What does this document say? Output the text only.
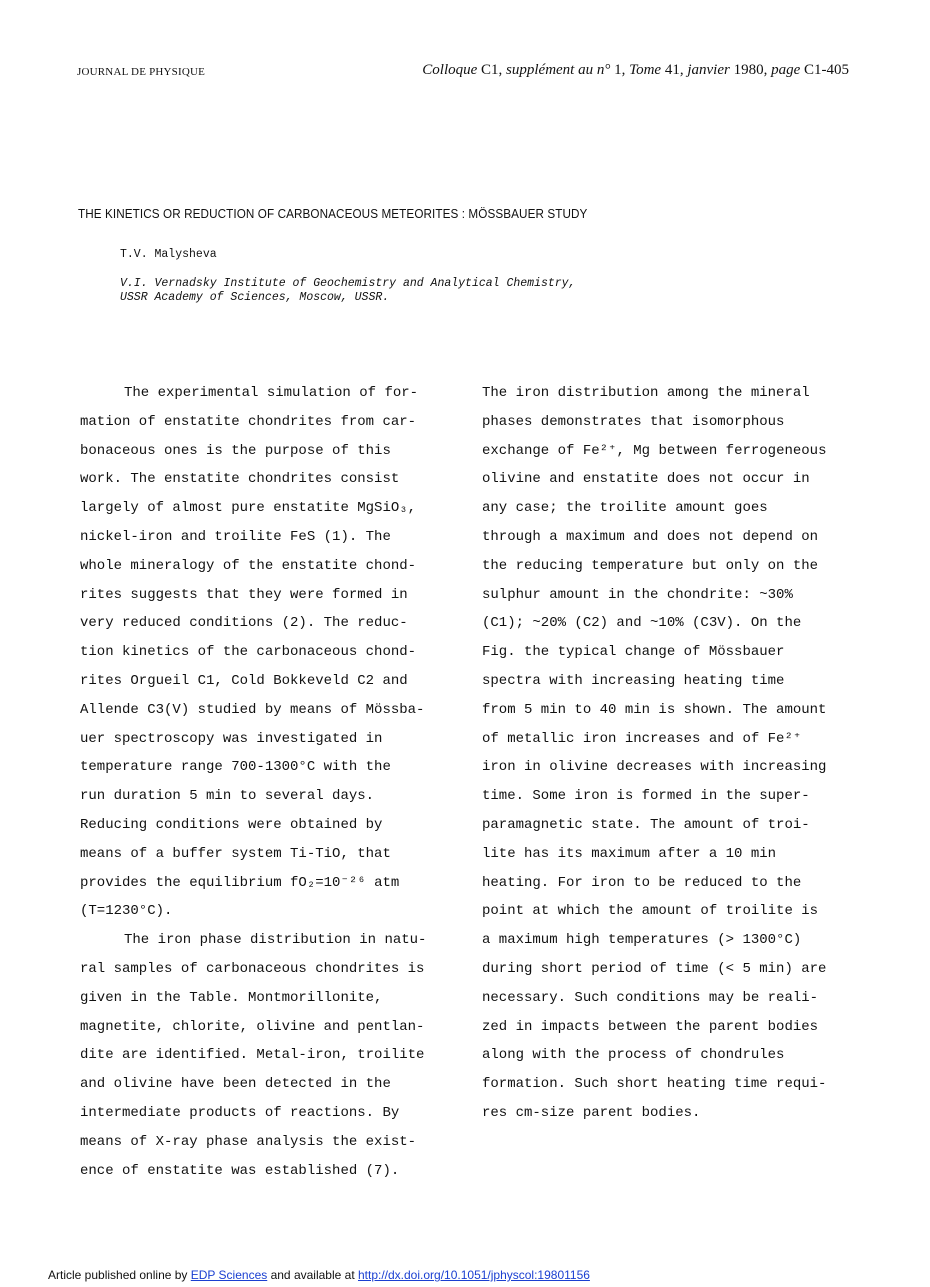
JOURNAL DE PHYSIQUE	Colloque C1, supplément au n° 1, Tome 41, janvier 1980, page C1-405
THE KINETICS OR REDUCTION OF CARBONACEOUS METEORITES : MÖSSBAUER STUDY
T.V. Malysheva
V.I. Vernadsky Institute of Geochemistry and Analytical Chemistry,
USSR Academy of Sciences, Moscow, USSR.
The experimental simulation of for-
mation of enstatite chondrites from car-
bonaceous ones is the purpose of this
work. The enstatite chondrites consist
largely of almost pure enstatite MgSiO₃,
nickel-iron and troilite FeS (1). The
whole mineralogy of the enstatite chond-
rites suggests that they were formed in
very reduced conditions (2). The reduc-
tion kinetics of the carbonaceous chond-
rites Orgueil C1, Cold Bokkeveld C2 and
Allende C3(V) studied by means of Mössba-
uer spectroscopy was investigated in
temperature range 700-1300°C with the
run duration 5 min to several days.
Reducing conditions were obtained by
means of a buffer system Ti-TiO, that
provides the equilibrium fO₂=10⁻²⁶ atm
(T=1230°C).
The iron phase distribution in natu-
ral samples of carbonaceous chondrites is
given in the Table. Montmorillonite,
magnetite, chlorite, olivine and pentlan-
dite are identified. Metal-iron, troilite
and olivine have been detected in the
intermediate products of reactions. By
means of X-ray phase analysis the exist-
ence of enstatite was established (7).
The iron distribution among the mineral
phases demonstrates that isomorphous
exchange of Fe²⁺, Mg between ferrogeneous
olivine and enstatite does not occur in
any case; the troilite amount goes
through a maximum and does not depend on
the reducing temperature but only on the
sulphur amount in the chondrite: ~30%
(C1); ~20% (C2) and ~10% (C3V). On the
Fig. the typical change of Mössbauer
spectra with increasing heating time
from 5 min to 40 min is shown. The amount
of metallic iron increases and of Fe²⁺
iron in olivine decreases with increasing
time. Some iron is formed in the super-
paramagnetic state. The amount of troi-
lite has its maximum after a 10 min
heating. For iron to be reduced to the
point at which the amount of troilite is
a maximum high temperatures (> 1300°C)
during short period of time (< 5 min) are
necessary. Such conditions may be reali-
zed in impacts between the parent bodies
along with the process of chondrules
formation. Such short heating time requi-
res cm-size parent bodies.
Article published online by EDP Sciences and available at http://dx.doi.org/10.1051/jphyscol:19801156
